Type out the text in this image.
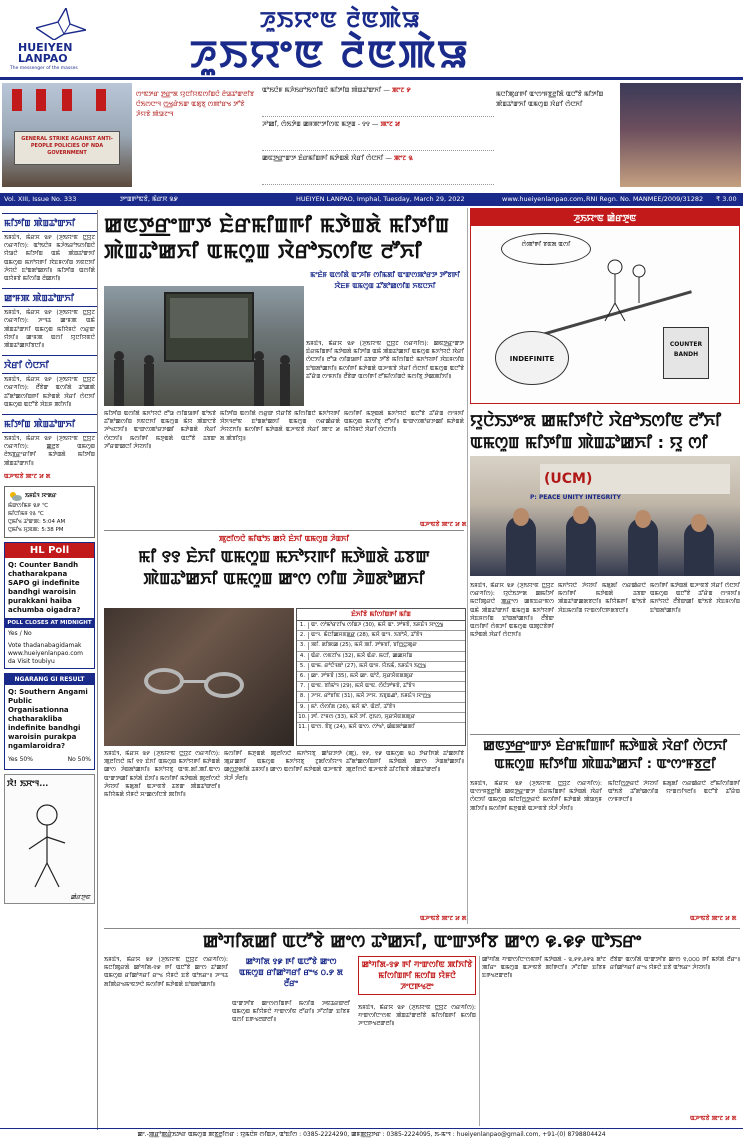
HUEIYEN
LANPAO
The messenger of the masses
ꯍꯨꯏꯌꯦꯟ ꯂꯥꯟꯄꯥꯎ
ꯍꯨꯏꯌꯦꯟ ꯂꯥꯟꯄꯥꯎ
GENERAL STRIKE AGAINST ANTI-PEOPLE POLICIES OF NDA GOVERNMENT
ꯁꯦꯟꯇꯔ ꯇ꯭ꯔꯦꯗ ꯌꯨꯅꯤꯌꯟꯁꯤꯡꯅꯥ ꯂꯥꯎꯊꯣꯛꯂꯤꯕ ꯅꯥꯏꯁꯅꯦꯜ ꯁ꯭ꯠꯔꯥꯏꯛ ꯑꯗꯨꯕꯨ ꯁꯄꯣꯔꯠ ꯇꯧꯕꯥ ꯍꯥꯌꯕꯥ ꯄꯥꯎꯖꯦꯜ
ꯑꯣꯏꯅꯥꯝ ꯃꯍꯥꯏꯔꯣꯏꯁꯤꯡꯅꯥ ꯃꯤꯇꯤꯡ ꯄꯥꯡꯊꯣꯛꯈꯤ — ꯄꯦꯖ ꯸
ꯍꯣꯀꯤ, ꯁꯥꯏꯇꯥꯡ ꯀꯝꯄꯦꯇꯤꯁꯟ ꯃꯇꯨꯡ - ꯱꯱ — ꯄꯦꯖ ꯷
ꯀꯟꯇ꯭ꯔꯦꯛꯇ ꯐꯥꯔꯃꯤꯡꯒꯤ ꯃꯇꯥꯡꯗꯥ ꯋꯥꯔꯤ ꯁꯥꯅꯈꯤ — ꯄꯦꯖ ꯲
ꯃꯅꯤꯄꯨꯔꯒꯤ ꯑꯦꯁꯦꯝꯕ꯭ꯂꯤꯗꯥ ꯑꯅꯧꯕꯥ ꯃꯤꯇꯤꯡ ꯄꯥꯡꯊꯣꯛꯈꯤ ꯑꯃꯁꯨꯡ ꯋꯥꯔꯤ ꯁꯥꯅꯈꯤ
Vol. XIII, Issue No. 333	ꯇꯦꯡꯒꯣꯟꯕꯥ, ꯃꯥꯔꯆ ꯲꯹	HUEIYEN LANPAO, Imphal, Tuesday, March 29, 2022	www.hueiyenlanpao.com, RNI Regn. No. MANMEE/2009/31282 ₹ 3.00
ꯃꯤꯇꯤꯡ ꯄꯥꯡꯊꯣꯛꯈꯤ
ꯏꯝꯐꯥꯜ, ꯃꯥꯔꯆ ꯲꯸ (ꯍꯨꯏꯌꯦꯟ ꯅ꯭ꯌꯨꯖ ꯁꯔꯚꯤꯁ): ꯑꯣꯏꯅꯥꯝ ꯃꯍꯥꯏꯔꯣꯏꯁꯤꯡꯅꯥ ꯌꯥꯎꯅꯥ ꯃꯤꯇꯤꯡ ꯑꯃꯥ ꯄꯥꯡꯊꯣꯛꯈꯤ ꯑꯃꯁꯨꯡ ꯃꯈꯣꯌꯒꯤ ꯋꯥꯐꯝꯁꯤꯡ ꯈꯟꯅꯈꯤ ꯍꯥꯌꯅꯥ ꯐꯣꯡꯗꯣꯀꯈꯤ꯫ ꯃꯤꯇꯤꯡ ꯑꯁꯤꯗꯥ ꯑꯌꯥꯝꯕꯥ ꯃꯤꯁꯤꯡ ꯂꯥꯀꯈꯤ꯫
ꯀꯦꯝꯄ ꯄꯥꯡꯊꯣꯛꯈꯤ
ꯏꯝꯐꯥꯜ, ꯃꯥꯔꯆ ꯲꯸ (ꯍꯨꯏꯌꯦꯟ ꯅ꯭ꯌꯨꯖ ꯁꯔꯚꯤꯁ): ꯍꯦꯜꯊ ꯀꯦꯝꯄ ꯑꯃꯥ ꯄꯥꯡꯊꯣꯛꯈꯤ ꯑꯃꯁꯨꯡ ꯃꯤꯌꯥꯝꯅꯥ ꯁꯔꯨꯛ ꯌꯥꯈꯤ꯫ ꯀꯦꯝꯄ ꯑꯁꯤ ꯌꯨꯅꯤꯌꯟꯅꯥ ꯄꯥꯡꯊꯣꯀꯈꯤꯕꯅꯤ꯫
ꯋꯥꯔꯤ ꯁꯥꯅꯈꯤ
ꯏꯝꯐꯥꯜ, ꯃꯥꯔꯆ ꯲꯸ (ꯍꯨꯏꯌꯦꯟ ꯅ꯭ꯌꯨꯖ ꯁꯔꯚꯤꯁ): ꯂꯩꯕꯥꯛ ꯑꯁꯤꯗꯥ ꯊꯣꯀꯄꯥ ꯊꯧꯗꯣꯀꯁꯤꯡꯒꯤ ꯃꯇꯥꯡꯗꯥ ꯋꯥꯔꯤ ꯁꯥꯅꯈꯤ ꯑꯃꯁꯨꯡ ꯑꯅꯧꯕꯥ ꯋꯥꯐꯝ ꯄꯤꯈꯤ꯫
ꯃꯤꯇꯤꯡ ꯄꯥꯡꯊꯣꯛꯈꯤ
ꯏꯝꯐꯥꯜ, ꯃꯥꯔꯆ ꯲꯸ (ꯍꯨꯏꯌꯦꯟ ꯅ꯭ꯌꯨꯖ ꯁꯔꯚꯤꯁ): ꯀ꯭ꯂꯕ ꯑꯃꯁꯨꯡ ꯂꯥꯏꯕ꯭ꯔꯦꯔꯤꯒꯤ ꯃꯇꯥꯡꯗꯥ ꯃꯤꯇꯤꯡ ꯄꯥꯡꯊꯣꯛꯈꯤ꯫
ꯑꯍꯦꯟꯕꯥ ꯄꯦꯖ ꯷ ꯗ
ꯏꯝꯐꯥꯜ ꯋꯦꯗꯔ
ꯃꯥꯛꯁꯤꯃꯝ ꯲꯸ ℃
ꯃꯤꯅꯤꯃꯝ ꯱꯴ ℃
ꯅꯨꯃꯤꯠ ꯊꯣꯛꯄ: 5:04 AM
ꯅꯨꯃꯤꯠ ꯆꯨꯞꯄ: 5:38 PM
HL Poll
Q: Counter Bandh chatharakpana SAPO gi indefinite bandhgi waroisin purakkani haiba achumba oigadra?
POLL CLOSES AT MIDNIGHT
Yes / No
Vote thadanabagidamak www.hueiyenlanpao.com da Visit toubiyu
NGARANG GI RESULT
Q: Southern Angami Public Organisationna chatharakliba indefinite bandhgi waroisin purakpa ngamlaroidra?
Yes 50%	No 50%
ꯋꯥ! ꯏꯆꯦꯜ...
ꯀꯥꯔꯇꯨꯟ
ꯀꯟꯇ꯭ꯔꯦꯛꯇ ꯐꯥꯔꯃꯤꯡꯒꯤ ꯃꯇꯥꯡꯗꯥ ꯃꯤꯇꯤꯡ ꯄꯥꯡꯊꯣꯀꯈꯤ ꯑꯃꯁꯨꯡ ꯋꯥꯔꯣꯏꯁꯤꯟ ꯂꯧꯈꯤ
ꯃꯦꯐꯥꯝ ꯑꯁꯤꯗꯥ ꯑꯦꯍꯤꯝ ꯁꯤꯃꯗꯤ ꯑꯦꯛꯁꯄꯣꯔꯇ ꯇꯧꯕꯒꯤ ꯋꯥꯐꯝ ꯑꯃꯁꯨꯡ ꯊꯧꯗꯣꯀꯁꯤꯡ ꯈꯟꯅꯈꯤ
ꯏꯝꯐꯥꯜ, ꯃꯥꯔꯆ ꯲꯸ (ꯍꯨꯏꯌꯦꯟ ꯅ꯭ꯌꯨꯖ ꯁꯔꯚꯤꯁ): ꯀꯟꯇ꯭ꯔꯦꯛꯇ ꯐꯥꯔꯃꯤꯡꯒꯤ ꯃꯇꯥꯡꯗꯥ ꯃꯤꯇꯤꯡ ꯑꯃꯥ ꯄꯥꯡꯊꯣꯀꯈꯤ ꯑꯃꯁꯨꯡ ꯃꯈꯣꯌꯅꯥ ꯋꯥꯔꯤ ꯁꯥꯅꯈꯤ꯫ ꯂꯧꯎ ꯁꯤꯡꯎꯒꯤ ꯊꯕꯛ ꯇꯧꯕꯥ ꯃꯤꯁꯤꯡꯅꯥ ꯃꯈꯣꯌꯒꯤ ꯋꯥꯐꯝꯁꯤꯡ ꯐꯣꯡꯗꯣꯀꯈꯤ꯫ ꯃꯁꯤꯒꯤ ꯃꯇꯥꯡꯗꯥ ꯑꯍꯦꯟꯕꯥ ꯋꯥꯔꯤ ꯁꯥꯅꯈꯤ ꯑꯃꯁꯨꯡ ꯑꯅꯧꯕꯥ ꯊꯧꯔꯥꯡ ꯁꯦꯝꯈꯤ꯫ ꯂꯩꯕꯥꯛ ꯑꯁꯤꯒꯤ ꯂꯧꯃꯤꯁꯤꯡꯅꯥ ꯃꯁꯤꯕꯨ ꯇꯥꯀꯄꯤꯈꯤ꯫
ꯃꯤꯇꯤꯡ ꯑꯁꯤꯗꯥ ꯃꯈꯣꯌꯅꯥ ꯂꯧꯎ ꯁꯤꯡꯎꯒꯤ ꯑꯣꯏꯕꯥ ꯊꯧꯗꯣꯀꯁꯤꯡ ꯈꯟꯅꯈꯤ ꯑꯃꯁꯨꯡ ꯃꯥꯌ ꯄꯥꯛꯅꯕꯥ ꯍꯣꯠꯅꯈꯤ꯫ ꯑꯦꯛꯁꯄꯣꯔꯇꯀꯤ ꯃꯇꯥꯡꯗꯥ ꯋꯥꯔꯤ ꯁꯥꯅꯈꯤ꯫ ꯃꯁꯤꯒꯤ ꯃꯇꯨꯡꯗꯥ ꯑꯅꯧꯕꯥ ꯊꯕꯛ ꯍꯧꯔꯛꯀꯅꯤ ꯍꯥꯌꯈꯤ꯫
ꯃꯤꯇꯤꯡ ꯑꯁꯤꯗꯥ ꯁꯔꯨꯛ ꯌꯥꯔꯤꯕꯥ ꯃꯤꯁꯤꯡꯅꯥ ꯃꯈꯣꯌꯒꯤ ꯋꯥꯈꯜꯂꯣꯟ ꯐꯣꯡꯗꯣꯀꯈꯤ ꯑꯃꯁꯨꯡ ꯁꯔꯀꯥꯔꯗꯥ ꯍꯥꯌꯖꯈꯤ꯫ ꯃꯁꯤꯒꯤ ꯃꯇꯥꯡꯗꯥ ꯑꯍꯦꯟꯕꯥ ꯋꯥꯔꯤ ꯄꯦꯖ ꯷ ꯗ ꯄꯥꯕꯤꯌꯨ꯫
ꯃꯁꯤꯒꯤ ꯃꯇꯨꯡꯗꯥ ꯃꯈꯣꯌꯅꯥ ꯑꯅꯧꯕꯥ ꯊꯧꯔꯥꯡ ꯁꯦꯝꯈꯤ ꯑꯃꯁꯨꯡ ꯃꯁꯤꯕꯨ ꯂꯧꯈꯤ꯫ ꯑꯦꯛꯁꯄꯣꯔꯇꯀꯤ ꯃꯇꯥꯡꯗꯥ ꯃꯤꯌꯥꯝꯅꯥ ꯋꯥꯔꯤ ꯁꯥꯅꯈꯤ꯫
ꯑꯍꯦꯟꯕꯥ ꯄꯦꯖ ꯷ ꯗ
ꯍꯨꯏꯌꯦꯟ ꯀꯥꯔꯇꯨꯟ
ꯁꯥꯄꯣꯒꯤ ꯕꯟꯗ ꯑꯁꯤ
INDEFINITE
COUNTER BANDH
ꯌꯨꯅꯥꯏꯇꯦꯗ ꯀꯃꯤꯇꯤꯅꯥ ꯋꯥꯔꯣꯏꯁꯤꯟ ꯂꯧꯈꯤ ꯑꯃꯁꯨꯡ ꯃꯤꯇꯤꯡ ꯄꯥꯡꯊꯣꯀꯈꯤ : ꯌꯨ ꯁꯤ
(UCM)
P: PEACE UNITY INTEGRITY
ꯏꯝꯐꯥꯜ, ꯃꯥꯔꯆ ꯲꯸ (ꯍꯨꯏꯌꯦꯟ ꯅ꯭ꯌꯨꯖ ꯁꯔꯚꯤꯁ): ꯌꯨꯅꯥꯏꯇꯦꯗ ꯀꯃꯤꯇꯤ ꯃꯅꯤꯄꯨꯔꯅꯥ ꯄ꯭ꯔꯦꯁ ꯀꯟꯐꯔꯦꯟꯁ ꯑꯃꯥ ꯄꯥꯡꯊꯣꯛꯈꯤ ꯑꯃꯁꯨꯡ ꯃꯈꯣꯌꯒꯤ ꯋꯥꯐꯝꯁꯤꯡ ꯐꯣꯡꯗꯣꯀꯈꯤ꯫ ꯂꯩꯕꯥꯛ ꯑꯁꯤꯒꯤ ꯁꯥꯟꯇꯤ ꯑꯃꯁꯨꯡ ꯑꯄꯨꯅꯕꯥꯒꯤ ꯃꯇꯥꯡꯗꯥ ꯋꯥꯔꯤ ꯁꯥꯅꯈꯤ꯫
ꯃꯈꯣꯌꯅꯥ ꯍꯥꯌꯈꯤ ꯃꯗꯨꯗꯤ ꯁꯔꯀꯥꯔꯅꯥ ꯃꯁꯤꯒꯤ ꯃꯇꯥꯡꯗꯥ ꯊꯕꯛ ꯄꯥꯡꯊꯣꯛꯀꯗꯕꯅꯤ꯫ ꯃꯤꯌꯥꯃꯒꯤ ꯑꯣꯏꯕꯥ ꯋꯥꯐꯃꯁꯤꯡ ꯌꯦꯡꯁꯤꯅꯒꯗꯕꯅꯤ꯫
ꯃꯁꯤꯒꯤ ꯃꯇꯥꯡꯗꯥ ꯑꯍꯦꯟꯕꯥ ꯋꯥꯔꯤ ꯁꯥꯅꯈꯤ ꯑꯃꯁꯨꯡ ꯑꯅꯧꯕꯥ ꯊꯧꯔꯥꯡ ꯁꯦꯝꯈꯤ꯫ ꯃꯈꯣꯌꯅꯥ ꯂꯩꯕꯥꯛꯀꯤ ꯑꯣꯏꯕꯥ ꯋꯥꯐꯝꯁꯤꯡ ꯐꯣꯡꯗꯣꯀꯈꯤ꯫
ꯄꯨꯂꯤꯁꯅꯥ ꯃꯤꯑꯣꯏ ꯀꯌꯥ ꯐꯥꯈꯤ ꯑꯃꯁꯨꯡ ꯍꯥꯡꯈꯤ
ꯃꯤ ꯱꯱ ꯐꯥꯈꯤ ꯑꯃꯁꯨꯡ ꯃꯈꯣꯌꯒꯤ ꯃꯇꯥꯡꯗꯥ ꯊꯕꯛ ꯄꯥꯡꯊꯣꯀꯈꯤ ꯑꯃꯁꯨꯡ ꯀꯦꯁ ꯁꯤꯡ ꯍꯥꯡꯗꯣꯀꯈꯤ
ꯐꯥꯈꯤꯕꯥ ꯃꯤꯁꯤꯡꯒꯤ ꯃꯤꯡ
1.	ꯑꯦ. ꯁꯣꯃꯣꯔꯖꯤꯠ ꯁꯤꯡꯍ (30), ꯃꯆꯥ ꯑꯦ. ꯇꯣꯝꯕꯥ, ꯏꯝꯐꯥꯜ ꯋꯦꯁ꯭ꯠ
2.	ꯑꯦꯜ. ꯃꯥꯅꯤꯀꯆꯟꯗ꯭ꯔ (28), ꯃꯆꯥ ꯑꯦꯜ. ꯏꯕꯣꯆꯥ, ꯊꯧꯕꯥꯜ
3.	ꯄꯤ. ꯗꯤꯄꯀ (25), ꯃꯆꯥ ꯄꯤ. ꯇꯣꯝꯕꯤ, ꯕꯤꯁ꯭ꯅꯨꯄꯨꯔ
4.	ꯑꯥꯔ. ꯁꯟꯖꯤꯠ (32), ꯃꯆꯥ ꯑꯥꯔ. ꯃꯅꯤ, ꯀꯀꯆꯤꯡ
5.	ꯑꯦꯃ. ꯔꯣꯅꯥꯜꯗꯣ (27), ꯃꯆꯥ ꯑꯦꯝ. ꯌꯥꯏꯃꯥ, ꯏꯝꯐꯥꯜ ꯏꯁ꯭ꯠ
6.	ꯀꯦ. ꯇꯣꯝꯕꯥ (35), ꯃꯆꯥ ꯀꯦ. ꯑꯣꯖꯥ, ꯆꯨꯔꯆꯥꯟꯗꯄꯨꯔ
7.	ꯑꯦꯟ. ꯕꯤꯃꯣꯜ (29), ꯃꯆꯥ ꯑꯦꯟ. ꯁꯥꯅꯥꯇꯣꯝꯕꯥ, ꯊꯧꯕꯥꯜ
8.	ꯍꯦꯆ. ꯔꯣꯕꯤꯟ (31), ꯃꯆꯥ ꯍꯦꯆ. ꯏꯕꯨꯡꯉꯣ, ꯏꯝꯐꯥꯜ ꯋꯦꯁ꯭ꯠ
9.	ꯃꯣ. ꯁꯥꯁꯤꯗ (26), ꯃꯆꯥ ꯃꯣ. ꯑꯥꯂꯤ, ꯊꯧꯕꯥꯜ
10. ꯇꯤ. ꯖꯦꯝꯁ (33), ꯃꯆꯥ ꯇꯤ. ꯂꯨꯏꯁ, ꯆꯨꯔꯆꯥꯟꯗꯄꯨꯔ
11. ꯑꯦꯁ. ꯕꯥꯕꯨ (24), ꯃꯆꯥ ꯑꯦꯁ. ꯁꯣꯠꯣ, ꯀꯥꯡꯄꯣꯀꯄꯤ
ꯏꯝꯐꯥꯜ, ꯃꯥꯔꯆ ꯲꯸ (ꯍꯨꯏꯌꯦꯟ ꯅ꯭ꯌꯨꯖ ꯁꯔꯚꯤꯁ): ꯄꯨꯂꯤꯁꯅꯥ ꯃꯤ ꯱꯱ ꯐꯥꯈꯤ ꯑꯃꯁꯨꯡ ꯃꯈꯣꯌꯒꯤ ꯃꯇꯥꯡꯗꯥ ꯀꯦꯁ ꯍꯥꯡꯗꯣꯀꯈꯤ꯫ ꯃꯈꯣꯌꯕꯨ ꯑꯦꯟ.ꯗꯤ.ꯄꯤ.ꯑꯦꯁ ꯑꯦꯛꯇꯀꯤ ꯃꯈꯥꯗꯥ ꯐꯥꯈꯤ꯫ ꯃꯁꯤꯒꯤ ꯃꯇꯥꯡꯗꯥ ꯄꯨꯂꯤꯁꯅꯥ ꯍꯥꯌꯈꯤ ꯃꯗꯨꯗꯤ ꯑꯍꯦꯟꯕꯥ ꯊꯕꯛ ꯄꯥꯡꯊꯣꯛꯂꯤ꯫ ꯃꯤꯌꯥꯃꯗꯥ ꯌꯥꯝꯅꯥ ꯆꯦꯀꯁꯤꯅꯕꯥ ꯄꯤꯈꯤ꯫
ꯃꯁꯤꯒꯤ ꯃꯇꯨꯡꯗꯥ ꯄꯨꯂꯤꯁꯅꯥ ꯃꯈꯣꯌꯕꯨ ꯀꯣꯔꯇꯇꯥ ꯄꯨꯔꯀꯈꯤ ꯑꯃꯁꯨꯡ ꯃꯈꯣꯌꯕꯨ ꯖꯨꯗꯤꯁꯤꯌꯦꯜ ꯀꯁ꯭ꯇꯗꯤꯗꯥ ꯊꯝꯈꯤ꯫ ꯀꯦꯁ ꯑꯁꯤꯒꯤ ꯃꯇꯥꯡꯗꯥ ꯑꯍꯦꯟꯕꯥ ꯋꯥꯍꯪ ꯍꯪꯂꯤ꯫
(ꯄꯨ), ꯱꯸, ꯱꯹ ꯑꯃꯁꯨꯡ ꯲꯰ ꯇꯥꯔꯤꯈꯗꯥ ꯊꯣꯀꯈꯤꯕꯥ ꯊꯧꯗꯣꯀꯁꯤꯡꯒꯤ ꯃꯇꯥꯡꯗꯥ ꯀꯦꯁ ꯍꯥꯡꯗꯣꯀꯈꯤ꯫ ꯄꯨꯂꯤꯁꯅꯥ ꯑꯍꯦꯟꯕꯥ ꯊꯤꯖꯤꯟꯕꯥ ꯄꯥꯡꯊꯣꯛꯂꯤ꯫
ꯑꯍꯦꯟꯕꯥ ꯄꯦꯖ ꯷ ꯗ
ꯀꯟꯇ꯭ꯔꯦꯛꯇ ꯐꯥꯔꯃꯤꯡꯒꯤ ꯃꯇꯥꯡꯗꯥ ꯋꯥꯔꯤ ꯁꯥꯅꯈꯤ ꯑꯃꯁꯨꯡ ꯃꯤꯇꯤꯡ ꯄꯥꯡꯊꯣꯀꯈꯤ : ꯑꯦꯁꯦꯝꯕ꯭ꯂꯤ
ꯏꯝꯐꯥꯜ, ꯃꯥꯔꯆ ꯲꯸ (ꯍꯨꯏꯌꯦꯟ ꯅ꯭ꯌꯨꯖ ꯁꯔꯚꯤꯁ): ꯑꯦꯁꯦꯝꯕ꯭ꯂꯤꯗꯥ ꯀꯟꯇ꯭ꯔꯦꯛꯇ ꯐꯥꯔꯃꯤꯡꯒꯤ ꯃꯇꯥꯡꯗꯥ ꯋꯥꯔꯤ ꯁꯥꯅꯈꯤ ꯑꯃꯁꯨꯡ ꯃꯤꯅꯤꯁ꯭ꯇꯔꯅꯥ ꯃꯁꯤꯒꯤ ꯃꯇꯥꯡꯗꯥ ꯄꯥꯎꯈꯨꯝ ꯄꯤꯈꯤ꯫ ꯃꯁꯤꯒꯤ ꯃꯇꯨꯡꯗꯥ ꯑꯍꯦꯟꯕꯥ ꯋꯥꯍꯪ ꯍꯪꯈꯤ꯫
ꯃꯤꯅꯤꯁ꯭ꯇꯔꯅꯥ ꯍꯥꯌꯈꯤ ꯃꯗꯨꯗꯤ ꯁꯔꯀꯥꯔꯅꯥ ꯂꯧꯃꯤꯁꯤꯡꯒꯤ ꯑꯣꯏꯕꯥ ꯊꯧꯗꯣꯀꯁꯤꯡ ꯌꯦꯡꯁꯤꯜꯂꯤ꯫ ꯑꯅꯧꯕꯥ ꯊꯧꯔꯥꯡ ꯁꯦꯝꯒꯅꯤ꯫
ꯑꯍꯦꯟꯕꯥ ꯄꯦꯖ ꯷ ꯗ
ꯀꯣꯚꯤꯗꯀꯤ ꯑꯅꯧꯕꯥ ꯀꯦꯁ ꯊꯣꯀꯈꯤ, ꯑꯦꯛꯇꯤꯕ ꯀꯦꯁ ꯶.꯶꯸ ꯑꯣꯏꯔꯦ
ꯀꯣꯚꯤꯗ ꯱꯹ ꯒꯤ ꯑꯅꯧꯕꯥ ꯀꯦꯁ ꯑꯃꯁꯨꯡ ꯔꯤꯀꯣꯚꯔꯤ ꯔꯦꯠ ꯰.꯸ ꯗ ꯂꯩꯔꯦ
ꯀꯣꯚꯤꯗ-꯱꯹ ꯒꯤ ꯚꯦꯛꯁꯤꯟ ꯄꯤꯈꯤꯕꯥ ꯃꯤꯁꯤꯡꯒꯤ ꯃꯁꯤꯡ ꯌꯥꯝꯅꯥ ꯍꯦꯅꯒꯠꯂꯦ
ꯏꯝꯐꯥꯜ, ꯃꯥꯔꯆ ꯲꯸ (ꯍꯨꯏꯌꯦꯟ ꯅ꯭ꯌꯨꯖ ꯁꯔꯚꯤꯁ): ꯃꯅꯤꯄꯨꯔꯗꯥ ꯀꯣꯚꯤꯗ-꯱꯹ ꯒꯤ ꯑꯅꯧꯕꯥ ꯀꯦꯁ ꯊꯣꯀꯈꯤ ꯑꯃꯁꯨꯡ ꯔꯤꯀꯣꯚꯔꯤ ꯔꯦꯠ ꯌꯥꯝꯅꯥ ꯐꯕꯥ ꯑꯣꯏꯔꯦ꯫ ꯍꯦꯜꯊ ꯗꯤꯄꯥꯔꯠꯃꯦꯟꯇꯅꯥ ꯃꯁꯤꯒꯤ ꯃꯇꯥꯡꯗꯥ ꯐꯣꯡꯗꯣꯀꯈꯤ꯫
ꯑꯦꯛꯇꯤꯕ ꯀꯦꯁꯁꯤꯡꯒꯤ ꯃꯁꯤꯡ ꯍꯟꯊꯔꯛꯂꯤ ꯑꯃꯁꯨꯡ ꯃꯤꯌꯥꯝꯅꯥ ꯚꯦꯛꯁꯤꯟ ꯂꯧꯔꯤ꯫ ꯍꯧꯖꯤꯛ ꯐꯤꯕꯝ ꯑꯁꯤ ꯐꯒꯠꯂꯛꯂꯤ꯫
ꯏꯝꯐꯥꯜ, ꯃꯥꯔꯆ ꯲꯸ (ꯍꯨꯏꯌꯦꯟ ꯅ꯭ꯌꯨꯖ ꯁꯔꯚꯤꯁ): ꯚꯦꯛꯁꯤꯅꯦꯁꯟ ꯄꯥꯡꯊꯣꯛꯂꯤꯕꯥ ꯃꯤꯁꯤꯡꯒꯤ ꯃꯁꯤꯡ ꯍꯦꯅꯒꯠꯂꯛꯂꯤ꯫
ꯀꯣꯚꯤꯗ ꯚꯦꯛꯁꯤꯅꯦꯁꯟꯒꯤ ꯃꯇꯥꯡꯗꯥ - ꯲,꯸꯸,꯴꯵꯲ ꯗꯣꯖ ꯄꯤꯔꯦ ꯑꯃꯁꯨꯡ ꯑꯍꯦꯟꯕꯥ ꯄꯤꯒꯅꯤ꯫ ꯍꯧꯖꯤꯛ ꯐꯤꯕꯝ ꯐꯒꯠꯂꯛꯂꯤ꯫
ꯂꯩꯕꯥꯛ ꯑꯁꯤꯗꯥ ꯑꯦꯛꯇꯤꯕ ꯀꯦꯁ ꯱,꯰꯰꯰ ꯒꯤ ꯃꯈꯥꯗꯥ ꯂꯩꯔꯦ꯫ ꯔꯤꯀꯣꯚꯔꯤ ꯔꯦꯠ ꯌꯥꯝꯅꯥ ꯐꯕꯥ ꯑꯣꯏꯔꯦ ꯍꯥꯌꯈꯤ꯫
ꯑꯍꯦꯟꯕꯥ ꯄꯦꯖ ꯷ ꯗ
ꯀꯦ.-ꯄ꯭ꯔꯣꯄ꯭ꯔꯥꯏꯇꯔ ꯑꯃꯁꯨꯡ ꯄꯕ꯭ꯂꯤꯁꯔ : ꯌꯨꯃꯅꯥꯝ ꯁꯤꯡꯍ, ꯑꯣꯐꯤꯁ : 0385-2224290, ꯀꯝꯄ꯭ꯌꯨꯇꯔ : 0385-2224095, ꯏ-ꯃꯦꯜ : hueiyenlanpao@gmail.com, +91-(0) 8798804424
